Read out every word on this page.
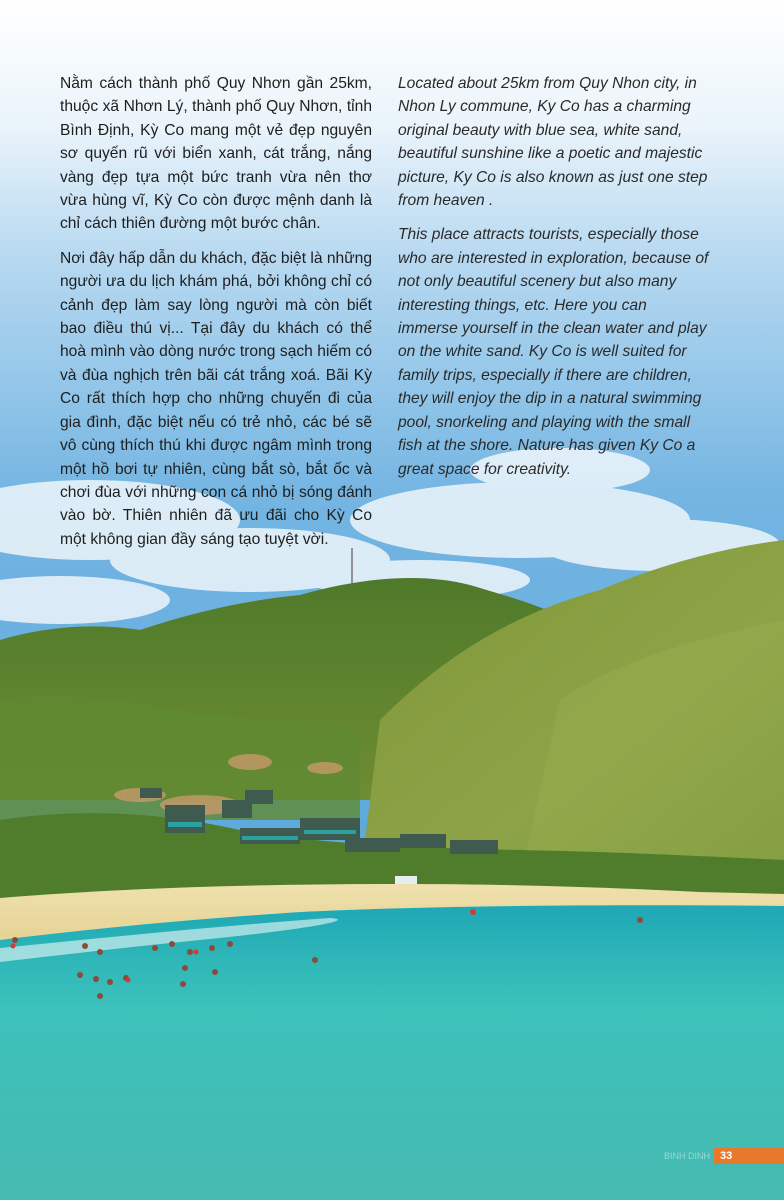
Nằm cách thành phố Quy Nhơn gần 25km, thuộc xã Nhơn Lý, thành phố Quy Nhơn, tỉnh Bình Định, Kỳ Co mang một vẻ đẹp nguyên sơ quyến rũ với biển xanh, cát trắng, nắng vàng đẹp tựa một bức tranh vừa nên thơ vừa hùng vĩ, Kỳ Co còn được mệnh danh là chỉ cách thiên đường một bước chân.

Nơi đây hấp dẫn du khách, đặc biệt là những người ưa du lịch khám phá, bởi không chỉ có cảnh đẹp làm say lòng người mà còn biết bao điều thú vị... Tại đây du khách có thể hoà mình vào dòng nước trong sạch hiếm có và đùa nghịch trên bãi cát trắng xoá. Bãi Kỳ Co rất thích hợp cho những chuyến đi của gia đình, đặc biệt nếu có trẻ nhỏ, các bé sẽ vô cùng thích thú khi được ngâm mình trong một hồ bơi tự nhiên, cùng bắt sò, bắt ốc và chơi đùa với những con cá nhỏ bị sóng đánh vào bờ. Thiên nhiên đã ưu đãi cho Kỳ Co một không gian đầy sáng tạo tuyệt vời.

Located about 25km from Quy Nhon city, in Nhon Ly commune, Ky Co has a charming original beauty with blue sea, white sand, beautiful sunshine like a poetic and majestic picture, Ky Co is also known as just one step from heaven .

This place attracts tourists, especially those who are interested in exploration, because of not only beautiful scenery but also many interesting things, etc. Here you can immerse yourself in the clean water and play on the white sand. Ky Co is well suited for family trips, especially if there are children, they will enjoy the dip in a natural swimming pool, snorkeling and playing with the small fish at the shore. Nature has given Ky Co a great space for creativity.

BINH DINH 33
